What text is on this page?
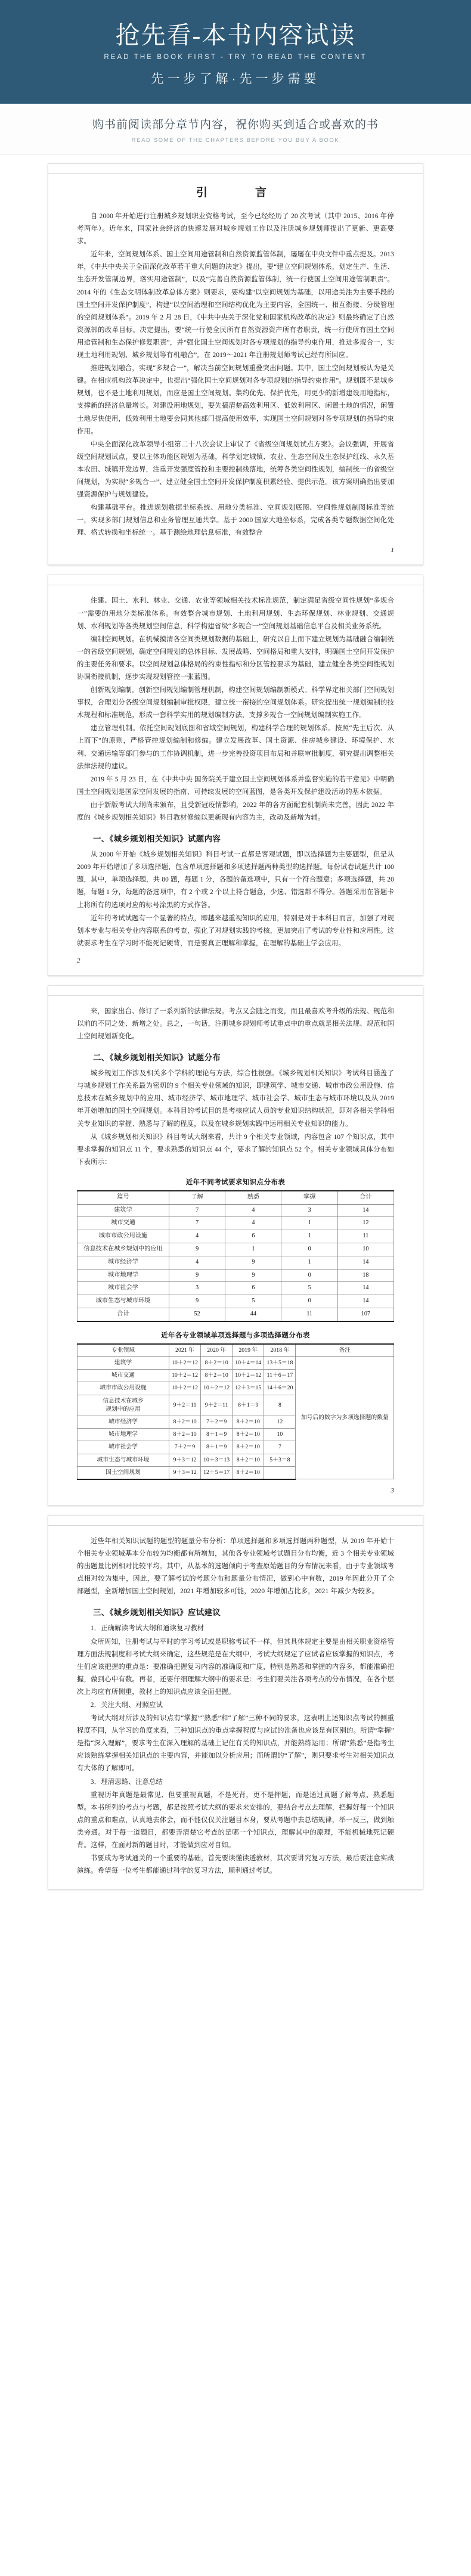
抢先看-本书内容试读
READ THE BOOK FIRST - TRY TO READ THE CONTENT
先一步了解·先一步需要
购书前阅读部分章节内容，祝你购买到适合或喜欢的书
READ SOME OF THE CHAPTERS BEFORE YOU BUY A BOOK
引　　言

自 2000 年开始进行注册城乡规划职业资格考试，至今已经经历了 20 次考试（其中 2015、2016 年停考两年）。近年来，国家社会经济的快速发展对城乡规划工作以及注册城乡规划师提出了更新、更高要求。

近年来，空间规划体系、国土空间用途管制和自然资源监管体制，屡屡在中央文件中重点提及。2013 年，《中共中央关于全面深化改革若干重大问题的决定》提出，要“建立空间规划体系，划定生产、生活、生态开发管制边界，落实用途管制”，以及“完善自然资源监管体制，统一行使国土空间用途管制职责”。2014 年的《生态文明体制改革总体方案》则要求，要构建“以空间规划为基础，以用途关注为主要手段的国土空间开发保护制度”，构建“以空间治理和空间结构优化为主要内容，全国统一、相互衔接、分级管理的空间规划体系”。2019 年 2 月 28 日，《中共中央关于深化党和国家机构改革的决定》则最终确定了自然资源部的改革目标。决定提出，要“统一行使全民所有自然资源资产所有者职责，统一行使所有国土空间用途管制和生态保护修复职责”，并“强化国土空间规划对各专项规划的指导约束作用，推进多规合一，实现土地利用规划、城乡规划等有机融合”。在 2019～2021 年注册规划师考试已经有所回应。

推进规划融合，实现“多规合一”，解决当前空间规划重叠突出问题。其中，国土空间规划被认为是关键。在相应机构改革决定中，也提出“强化国土空间规划对各专项规划的指导约束作用”。规划既不是城乡规划，也不是土地利用规划，而应是国土空间规划。集约优先、保护优先，用更少的新增建设用地指标，支撑新的经济总量增长。对建设用地规划，要先搞清楚高效利用区、低效利用区、闲置土地的情况，闲置土地尽快使用，低效利用土地要会同其他部门提高使用效率，实现国土空间规划对各专项规划的指导约束作用。

中央全面深化改革领导小组第二十八次会议上审议了《省级空间规划试点方案》。会议强调，开展省级空间规划试点，要以主体功能区规划为基础，科学划定城镇、农业、生态空间及生态保护红线、永久基本农田、城镇开发边界，注重开发强度管控和主要控制线落地，统筹各类空间性规划，编制统一的省级空间规划，为实现“多规合一”、建立健全国土空间开发保护制度积累经验、提供示范。该方案明确指出要加强资源保护与规划建设。

构建基础平台。推进规划数据坐标系统、用地分类标准、空间规划底图、空间性规划制图标准等统一，实现多部门规划信息和业务管理互通共享。基于 2000 国家大地坐标系，完成各类专题数据空间化处理、格式转换和坐标统一。基于测绘地理信息标准，有效整合

1

住建、国土、水利、林业、交通、农业等领域相关技术标准规范，制定满足省级空间性规划“多规合一”需要的用地分类标准体系。有效整合城市规划、土地利用规划、生态环保规划、林业规划、交通规划、水利规划等各类规划空间信息，科学构建省级“多规合一”空间规划基础信息平台及相关业务系统。

编制空间规划。在机械摸清各空间类规划数据的基础上，研究以自上而下建立规划为基础融合编制统一的省级空间规划，确定空间规划的总体目标、发展战略、空间格局和重大安排，明确国土空间开发保护的主要任务和要求。以空间规划总体格局的约束性指标和分区管控要求为基础，建立健全各类空间性规划协调衔接机制，逐步实现规划管控一张蓝图。

创新规划编制。创新空间规划编制管理机制，构建空间规划编制新模式。科学界定相关部门空间规划事权，合理划分各级空间规划编制审批权限，建立统一衔接的空间规划体系。研究提出统一规划编制的技术规程和标准规范，形成一套科学实用的规划编制方法，支撑多规合一空间规划编制实施工作。

建立管理机制。依托空间规划底图和省域空间规划，构建科学合理的规划体系。按照“先主后次、从上而下”的原则，严格管控规划编制和修编。建立发展改革、国土资源、住房城乡建设、环境保护、水利、交通运输等部门参与的工作协调机制，进一步完善投资项目布局和并联审批制度，研究提出调整相关法律法规的建议。

2019 年 5 月 23 日，在《中共中央 国务院关于建立国土空间规划体系并监督实施的若干意见》中明确国土空间规划是国家空间发展的指南、可持续发展的空间蓝图，是各类开发保护建设活动的基本依据。

由于新版考试大纲尚未颁布，且受新冠疫情影响，2022 年的各方面配套机制尚未完善，因此 2022 年度的《城乡规划相关知识》科目教材修编以更新现有内容为主，改动及新增为辅。

一、《城乡规划相关知识》试题内容

从 2000 年开始《城乡规划相关知识》科目考试一直都是客观试题，即以选择题为主要题型，但是从 2009 年开始增加了多项选择题，包含单项选择题和多项选择题两种类型的选择题。每份试卷试题共计 100 题，其中，单项选择题，共 80 题，每题 1 分，各题的备选项中，只有一个符合题意；多项选择题，共 20 题，每题 1 分，每题的备选项中，有 2 个或 2 个以上符合题意，少选、错选都不得分。答题采用在答题卡上将所有的选项对应的标号涂黑的方式作答。

近年的考试试题有一个显著的特点，即越来越重视知识的应用，特别是对于本科目而言，加强了对规划本专业与相关专业内容联系的考查，强化了对规划实践的考核，更加突出了考试的专业性和应用性。这就要求考生在学习时不能死记硬背，而是要真正理解和掌握，在理解的基础上学会应用。

2

来，国家出台、修订了一系列新的法律法规。考点又会随之而变，而且最喜欢考升级的法规、规范和以前的不同之处、新增之处。总之，一句话，注册城乡规划师考试重点中的重点就是相关法规、规范和国土空间规划新变化。

二、《城乡规划相关知识》试题分布

城乡规划工作涉及相关多个学科的理论与方法，综合性很强。《城乡规划相关知识》考试科目涵盖了与城乡规划工作关系最为密切的 9 个相关专业领域的知识，即建筑学、城市交通、城市市政公用设施、信息技术在城乡规划中的应用、城市经济学、城市地理学、城市社会学、城市生态与城市环境以及从 2019 年开始增加的国土空间规划。本科目的考试目的是考核应试人员的专业知识结构状况，即对各相关学科相关专业知识的掌握、熟悉与了解的程度，以及在城乡规划实践中运用相关专业知识的能力。

从《城乡规划相关知识》科目考试大纲来看，共计 9 个相关专业领域，内容包含 107 个知识点，其中要求掌握的知识点 11 个，要求熟悉的知识点 44 个，要求了解的知识点 52 个。相关专业领域具体分布如下表所示：

近年不同考试要求知识点分布表
篇号	了解	熟悉	掌握	合计
建筑学	7	4	3	14
城市交通	7	4	1	12
城市市政公用设施	4	6	1	11
信息技术在城乡规划中的应用	9	1	0	10
城市经济学	4	9	1	14
城市地理学	9	9	0	18
城市社会学	3	6	5	14
城市生态与城市环境	9	5	0	14
合计	52	44	11	107
近年各专业领域单项选择题与多项选择题分布表
专业领域	2021 年	2020 年	2019 年	2018 年	备注
建筑学	10＋2＝12	8＋2＝10	10＋4＝14	13＋5＝18	加号后的数字为多项选择题的数量
城市交通	10＋2＝12	8＋2＝10	10＋2＝12	11＋6＝17	
城市市政公用设施	10＋2＝12	10＋2＝12	12＋3＝15	14＋6＝20	
信息技术在城乡
规划中的应用	9＋2＝11	9＋2＝11	8＋1＝9	8	
城市经济学	8＋2＝10	7＋2＝9	8＋2＝10	12	
城市地理学	8＋2＝10	8＋1＝9	8＋2＝10	10	
城市社会学	7＋2＝9	8＋1＝9	8＋2＝10	7	
城市生态与城市环境	9＋3＝12	10＋3＝13	8＋2＝10	5＋3＝8	
国土空间规划	9＋3＝12	12＋5＝17	8＋2＝10		
3

近些年相关知识试题的题型的题量分布分析：单项选择题和多项选择题两种题型，从 2019 年开始十个相关专业领域基本分布较为均衡都有所增加，其他各专业领域考试题目分布均衡，近 3 个相关专业领域的出题量比例相对比较平均。其中，从基本的选题倾向于考查原始题目的分布情况来看，由于专业领域考点相对较为集中，因此，要了解考试的考题分布和题量分布情况，做到心中有数，2019 年因此分开了全部题型，全新增加国土空间规划，2021 年增加较多可能，2020 年增加占比多，2021 年减少为较多。

三、《城乡规划相关知识》应试建议

1．正确解读考试大纲和通读复习教材

众所周知，注册考试与平时的学习考试或是职称考试不一样，但其具体规定主要是由相关职业资格管理方面法规制度和考试大纲来确定，这些规范是在大纲中，考试大纲规定了应试者应该掌握的知识点，考生们应该把握的重点是：要准确把握复习内容的准确度和广度，特别是熟悉和掌握的内容多，都能准确把握，做到心中有数。再者，还要仔细理解大纲中的要求是：考生们要关注各项考点的分布情况，在各个层次上均应有所侧重，教材上的知识点应该全面把握。

2．关注大纲、对照应试

考试大纲对所涉及的知识点有“掌握”“熟悉”和“了解”三种不同的要求，这表明上述知识点考试的侧重程度不同，从学习的角度来看，三种知识点的重点掌握程度与应试的准备也应该是有区别的。所谓“掌握”是指“深入理解”，要求考生在深入理解的基础上记住有关的知识点，并能熟练运用；所谓“熟悉”是指考生应该熟练掌握相关知识点的主要内容，并能加以分析应用；而所谓的“了解”，则只要求考生对相关知识点有大体的了解即可。

3．理清思路、注意总结

重视历年真题是最常见、但要重视真题，不是死背，更不是押题，而是通过真题了解考点、熟悉题型。本书所列的考点与考题，都是按照考试大纲的要求来安排的，要结合考点去理解，把握好每一个知识点的重点和难点，认真地去体会，而不能仅仅关注题目本身，要从考题中去总结规律，举一反三，做到触类旁通。对于每一道题目，都要弄清楚它考查的是哪一个知识点，理解其中的原理，不能机械地死记硬背。这样，在面对新的题目时，才能做到应对自如。

书要成为考试通关的一个重要的基础，首先要读懂读透教材，其次要讲究复习方法，最后要注意实战演练。希望每一位考生都能通过科学的复习方法，顺利通过考试。
